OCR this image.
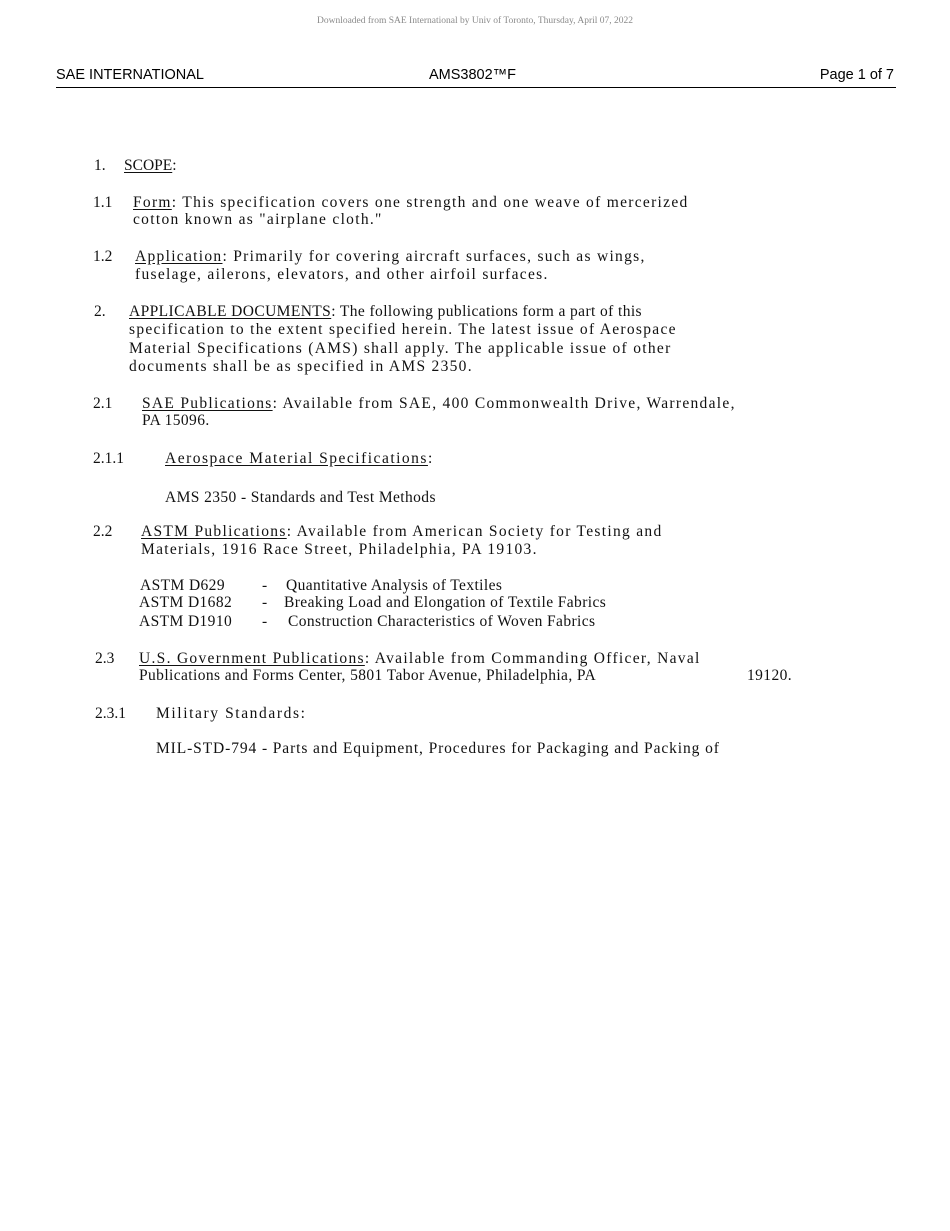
Downloaded from SAE International by Univ of Toronto, Thursday, April 07, 2022
SAE INTERNATIONAL	AMS3802™F	Page 1 of 7
1. SCOPE:
1.1 Form: This specification covers one strength and one weave of mercerized
cotton known as "airplane cloth."
1.2 Application: Primarily for covering aircraft surfaces, such as wings,
fuselage, ailerons, elevators, and other airfoil surfaces.
2. APPLICABLE DOCUMENTS: The following publications form a part of this
specification to the extent specified herein. The latest issue of Aerospace
Material Specifications (AMS) shall apply. The applicable issue of other
documents shall be as specified in AMS 2350.
2.1 SAE Publications: Available from SAE, 400 Commonwealth Drive, Warrendale,
PA 15096.
2.1.1	Aerospace Material Specifications:
AMS 2350 - Standards and Test Methods
2.2 ASTM Publications: Available from American Society for Testing and
Materials, 1916 Race Street, Philadelphia, PA 19103.
ASTM D629 - Quantitative Analysis of Textiles
ASTM D1682 - Breaking Load and Elongation of Textile Fabrics
ASTM D1910 - Construction Characteristics of Woven Fabrics
2.3 U.S. Government Publications: Available from Commanding Officer, Naval
Publications and Forms Center, 5801 Tabor Avenue, Philadelphia, PA	19120.
2.3.1 Military Standards:
MIL-STD-794 - Parts and Equipment, Procedures for Packaging and Packing of
